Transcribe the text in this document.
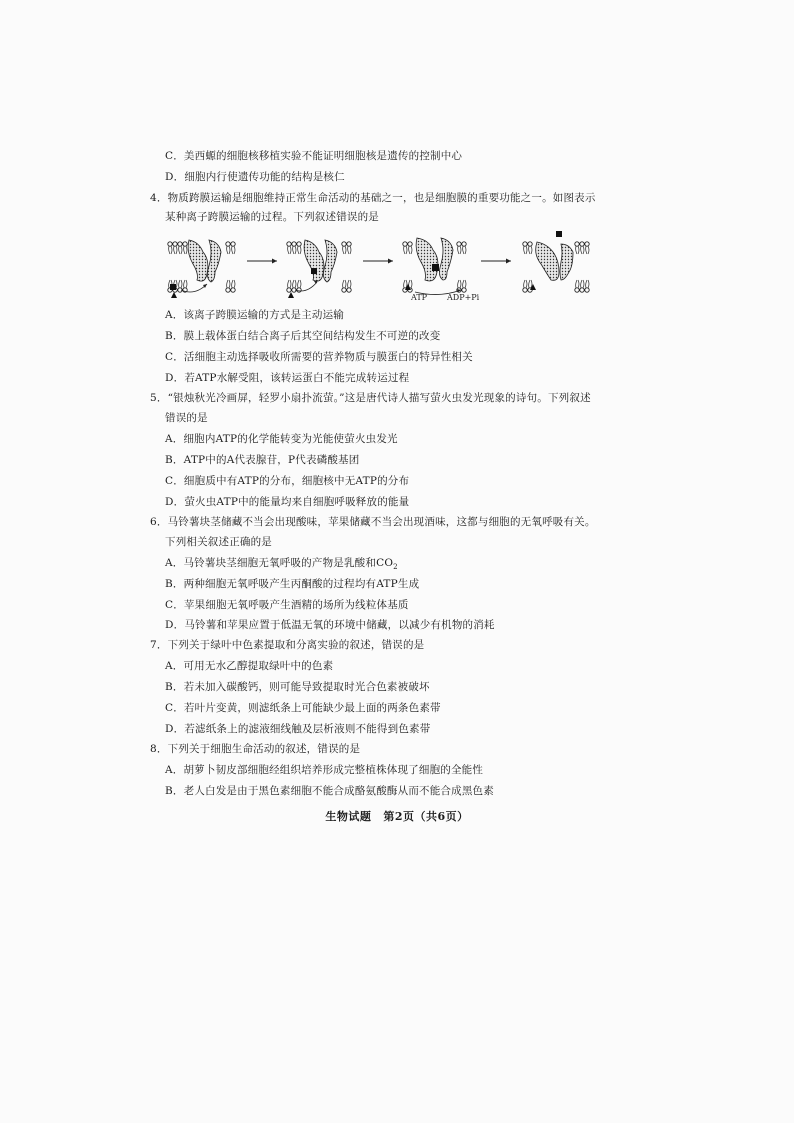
C．美西螈的细胞核移植实验不能证明细胞核是遗传的控制中心
D．细胞内行使遗传功能的结构是核仁
4．物质跨膜运输是细胞维持正常生命活动的基础之一，也是细胞膜的重要功能之一。如图表示
某种离子跨膜运输的过程。下列叙述错误的是
ATP ADP+Pi
A．该离子跨膜运输的方式是主动运输
B．膜上载体蛋白结合离子后其空间结构发生不可逆的改变
C．活细胞主动选择吸收所需要的营养物质与膜蛋白的特异性相关
D．若ATP水解受阻，该转运蛋白不能完成转运过程
5．“银烛秋光冷画屏，轻罗小扇扑流萤。”这是唐代诗人描写萤火虫发光现象的诗句。下列叙述
错误的是
A．细胞内ATP的化学能转变为光能使萤火虫发光
B．ATP中的A代表腺苷，P代表磷酸基团
C．细胞质中有ATP的分布，细胞核中无ATP的分布
D．萤火虫ATP中的能量均来自细胞呼吸释放的能量
6．马铃薯块茎储藏不当会出现酸味，苹果储藏不当会出现酒味，这都与细胞的无氧呼吸有关。
下列相关叙述正确的是
A．马铃薯块茎细胞无氧呼吸的产物是乳酸和$CO_2$
B．两种细胞无氧呼吸产生丙酮酸的过程均有ATP生成
C．苹果细胞无氧呼吸产生酒精的场所为线粒体基质
D．马铃薯和苹果应置于低温无氧的环境中储藏，以减少有机物的消耗
7．下列关于绿叶中色素提取和分离实验的叙述，错误的是
A．可用无水乙醇提取绿叶中的色素
B．若未加入碳酸钙，则可能导致提取时光合色素被破坏
C．若叶片变黄，则滤纸条上可能缺少最上面的两条色素带
D．若滤纸条上的滤液细线触及层析液则不能得到色素带
8．下列关于细胞生命活动的叙述，错误的是
A．胡萝卜韧皮部细胞经组织培养形成完整植株体现了细胞的全能性
B．老人白发是由于黑色素细胞不能合成酪氨酸酶从而不能合成黑色素
生物试题 第2页（共6页）
